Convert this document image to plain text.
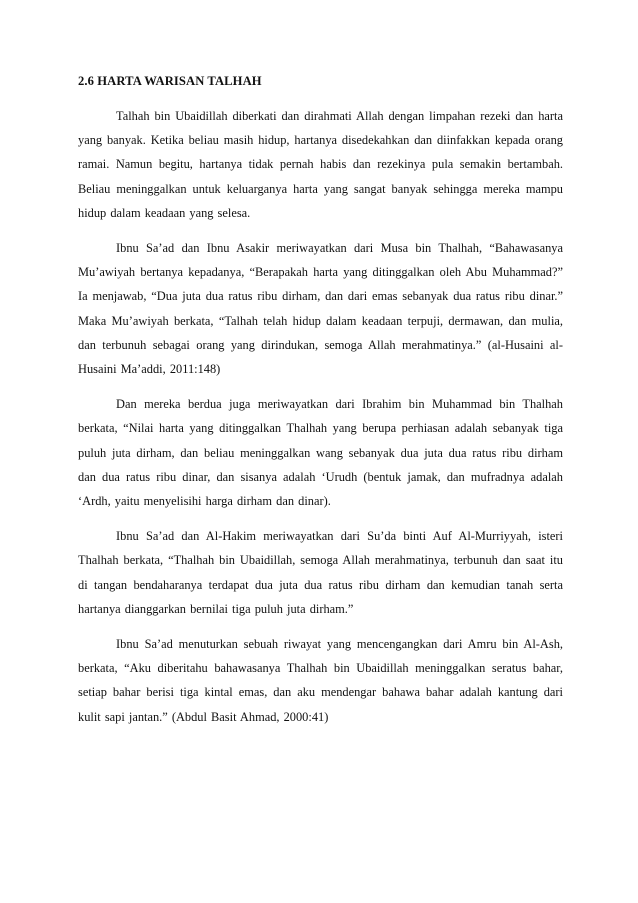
2.6 HARTA WARISAN TALHAH

Talhah bin Ubaidillah diberkati dan dirahmati Allah dengan limpahan rezeki dan harta yang banyak. Ketika beliau masih hidup, hartanya disedekahkan dan diinfakkan kepada orang ramai. Namun begitu, hartanya tidak pernah habis dan rezekinya pula semakin bertambah. Beliau meninggalkan untuk keluarganya harta yang sangat banyak sehingga mereka mampu hidup dalam keadaan yang selesa.

Ibnu Sa’ad dan Ibnu Asakir meriwayatkan dari Musa bin Thalhah, “Bahawasanya Mu’awiyah bertanya kepadanya, “Berapakah harta yang ditinggalkan oleh Abu Muhammad?” Ia menjawab, “Dua juta dua ratus ribu dirham, dan dari emas sebanyak dua ratus ribu dinar.” Maka Mu’awiyah berkata, “Talhah telah hidup dalam keadaan terpuji, dermawan, dan mulia, dan terbunuh sebagai orang yang dirindukan, semoga Allah merahmatinya.” (al-Husaini al-Husaini Ma’addi, 2011:148)

Dan mereka berdua juga meriwayatkan dari Ibrahim bin Muhammad bin Thalhah berkata, “Nilai harta yang ditinggalkan Thalhah yang berupa perhiasan adalah sebanyak tiga puluh juta dirham, dan beliau meninggalkan wang sebanyak dua juta dua ratus ribu dirham dan dua ratus ribu dinar, dan sisanya adalah ‘Urudh (bentuk jamak, dan mufradnya adalah ‘Ardh, yaitu menyelisihi harga dirham dan dinar).

Ibnu Sa’ad dan Al-Hakim meriwayatkan dari Su’da binti Auf Al-Murriyyah, isteri Thalhah berkata, “Thalhah bin Ubaidillah, semoga Allah merahmatinya, terbunuh dan saat itu di tangan bendaharanya terdapat dua juta dua ratus ribu dirham dan kemudian tanah serta hartanya dianggarkan bernilai tiga puluh juta dirham.”

Ibnu Sa’ad menuturkan sebuah riwayat yang mencengangkan dari Amru bin Al-Ash, berkata, “Aku diberitahu bahawasanya Thalhah bin Ubaidillah meninggalkan seratus bahar, setiap bahar berisi tiga kintal emas, dan aku mendengar bahawa bahar adalah kantung dari kulit sapi jantan.” (Abdul Basit Ahmad, 2000:41)
